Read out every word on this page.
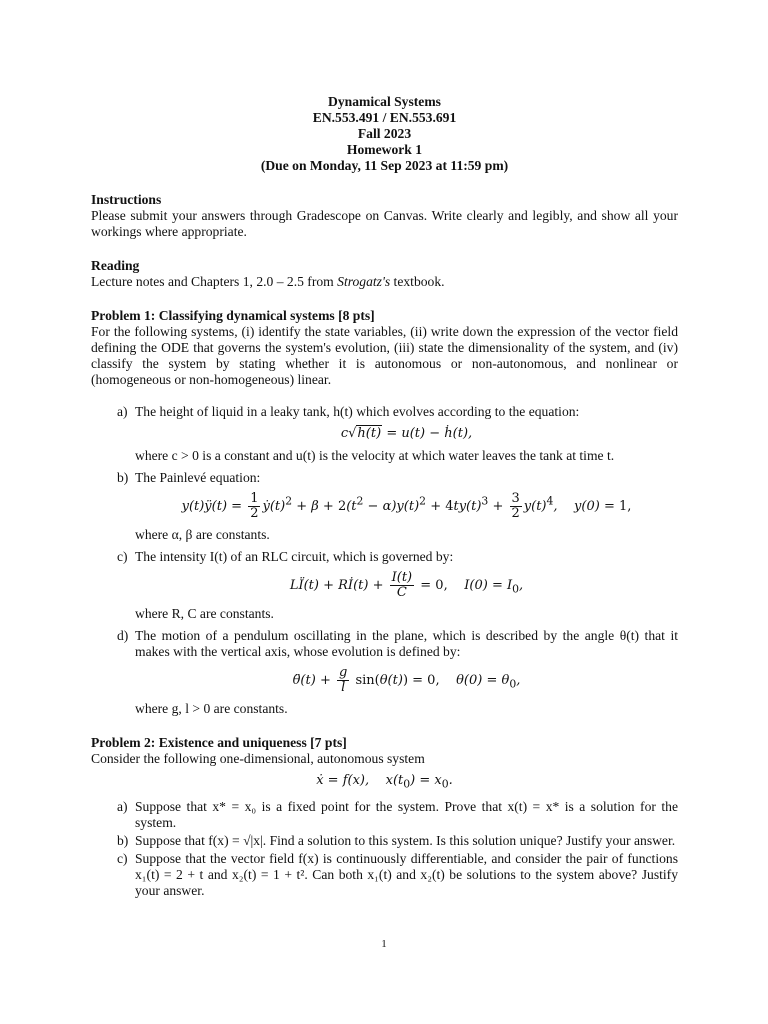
Dynamical Systems
EN.553.491 / EN.553.691
Fall 2023
Homework 1
(Due on Monday, 11 Sep 2023 at 11:59 pm)
Instructions
Please submit your answers through Gradescope on Canvas. Write clearly and legibly, and show all your workings where appropriate.
Reading
Lecture notes and Chapters 1, 2.0 – 2.5 from Strogatz's textbook.
Problem 1: Classifying dynamical systems [8 pts]
For the following systems, (i) identify the state variables, (ii) write down the expression of the vector field defining the ODE that governs the system's evolution, (iii) state the dimensionality of the system, and (iv) classify the system by stating whether it is autonomous or non-autonomous, and nonlinear or (homogeneous or non-homogeneous) linear.
a) The height of liquid in a leaky tank, h(t) which evolves according to the equation:
c√h(t) = u(t) − ḣ(t),
where c > 0 is a constant and u(t) is the velocity at which water leaves the tank at time t.
b) The Painlevé equation:
y(t)ÿ(t) = $\frac{1}{2}$ $ẏ(t)^2 + \beta + 2(t^2 - \alpha)y(t)^2 + 4ty(t)^3 + \frac{3}{2} y(t)^4$,    y(0) = 1,
where α, β are constants.
c) The intensity I(t) of an RLC circuit, which is governed by:
LÏ(t) + Rİ(t) + $\frac{I(t)}{C} = 0$,    $I(0) = I_0$,
where R, C are constants.
d) The motion of a pendulum oscillating in the plane, which is described by the angle θ(t) that it makes with the vertical axis, whose evolution is defined by:
θ̈(t) + $\frac{g}{l} \sin(\theta(t)) = 0$,    $\theta(0) = \theta_0$,
where g, l > 0 are constants.
Problem 2: Existence and uniqueness [7 pts]
Consider the following one-dimensional, autonomous system
ẋ = f(x),    $x(t_0) = x_0$.
a) Suppose that x* = x₀ is a fixed point for the system. Prove that x(t) = x* is a solution for the system.
b) Suppose that f(x) = √|x|. Find a solution to this system. Is this solution unique? Justify your answer.
c) Suppose that the vector field f(x) is continuously differentiable, and consider the pair of functions x₁(t) = 2 + t and x₂(t) = 1 + t². Can both x₁(t) and x₂(t) be solutions to the system above? Justify your answer.
1
